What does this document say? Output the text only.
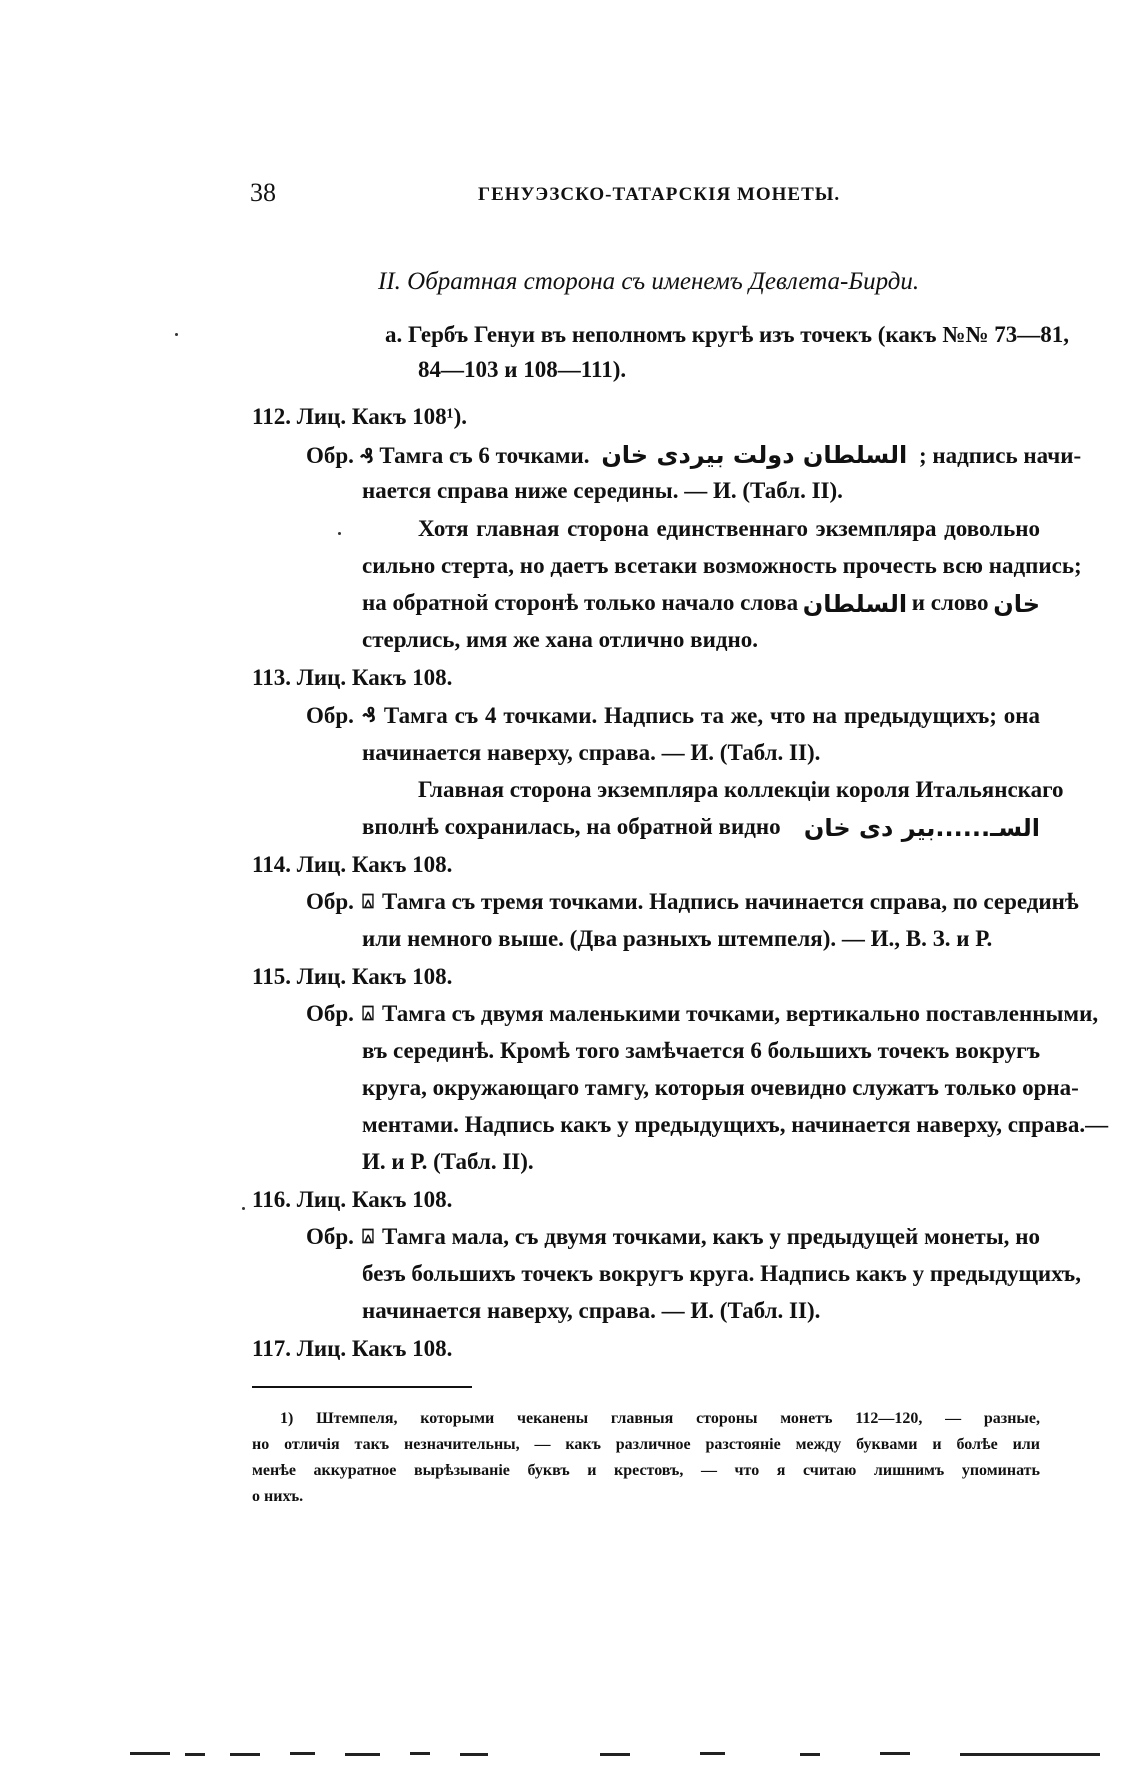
38	ГЕНУЭЗСКО-ТАТАРСКІЯ МОНЕТЫ.
II. Обратная сторона съ именемъ Девлета-Бирди.
а. Гербъ Генуи въ неполномъ кругѣ изъ точекъ (какъ №№ 73—81,
84—103 и 108—111).
112. Лиц. Какъ 108¹).
Обр. ₰ Тамга съ 6 точками. السلطان دولت بيردى خان ; надпись начи-
нается справа ниже середины. — И. (Табл. II).
Хотя главная сторона единственнаго экземпляра довольно
сильно стерта, но даетъ всетаки возможность прочесть всю надпись;
на обратной сторонѣ только начало слова السلطان и слово خان
стерлись, имя же хана отлично видно.
113. Лиц. Какъ 108.
Обр. ₰ Тамга съ 4 точками. Надпись та же, что на предыдущихъ; она
начинается наверху, справа. — И. (Табл. II).
Главная сторона экземпляра коллекціи короля Итальянскаго
вполнѣ сохранилась, на обратной видно السـ......بير دى خان
114. Лиц. Какъ 108.
Обр. ⍓ Тамга съ тремя точками. Надпись начинается справа, по серединѣ
или немного выше. (Два разныхъ штемпеля). — И., В. З. и Р.
115. Лиц. Какъ 108.
Обр. ⍓ Тамга съ двумя маленькими точками, вертикально поставленными,
въ серединѣ. Кромѣ того замѣчается 6 большихъ точекъ вокругъ
круга, окружающаго тамгу, которыя очевидно служатъ только орна-
ментами. Надпись какъ у предыдущихъ, начинается наверху, справа.—
И. и Р. (Табл. II).
116. Лиц. Какъ 108.
Обр. ⍓ Тамга мала, съ двумя точками, какъ у предыдущей монеты, но
безъ большихъ точекъ вокругъ круга. Надпись какъ у предыдущихъ,
начинается наверху, справа. — И. (Табл. II).
117. Лиц. Какъ 108.
1) Штемпеля, которыми чеканены главныя стороны монетъ 112—120, — разные,
но отличія такъ незначительны, — какъ различное разстояніе между буквами и болѣе или
менѣе аккуратное вырѣзываніе буквъ и крестовъ, — что я считаю лишнимъ упоминать
о нихъ.
